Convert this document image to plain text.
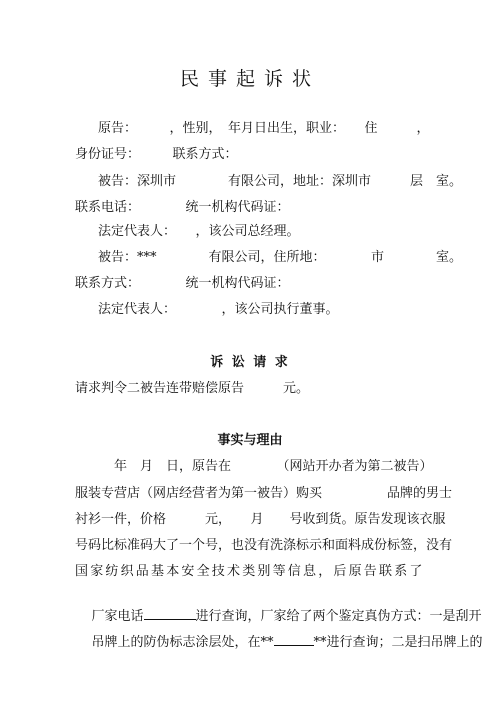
民事起诉状
原告：　　　，性别，　年月日出生，职业：　　住　　　，
身份证号：　　　联系方式：
被告：深圳市　　　　有限公司，地址：深圳市　　　层　室。
联系电话：　　　　统一机构代码证：
法定代表人：　　，该公司总经理。
被告：***　　　　有限公司，住所地：　　　　市　　　　室。
联系方式：　　　　统一机构代码证：
法定代表人：　　　　，该公司执行董事。
诉 讼 请 求
请求判令二被告连带赔偿原告　　　元。
事实与理由
　　　年　月　日，原告在　　　　（网站开办者为第二被告）
服装专营店（网店经营者为第一被告）购买　　　　　品牌的男士
衬衫一件，价格　　　元，　　月　　号收到货。原告发现该衣服
号码比标准码大了一个号，也没有洗涤标示和面料成份标签，没有
国家纺织品基本安全技术类别等信息，后原告联系了

厂家电话	进行查询，厂家给了两个鉴定真伪方式：一是刮开

吊牌上的防伪标志涂层处，在**	**进行查询；二是扫吊牌上的
